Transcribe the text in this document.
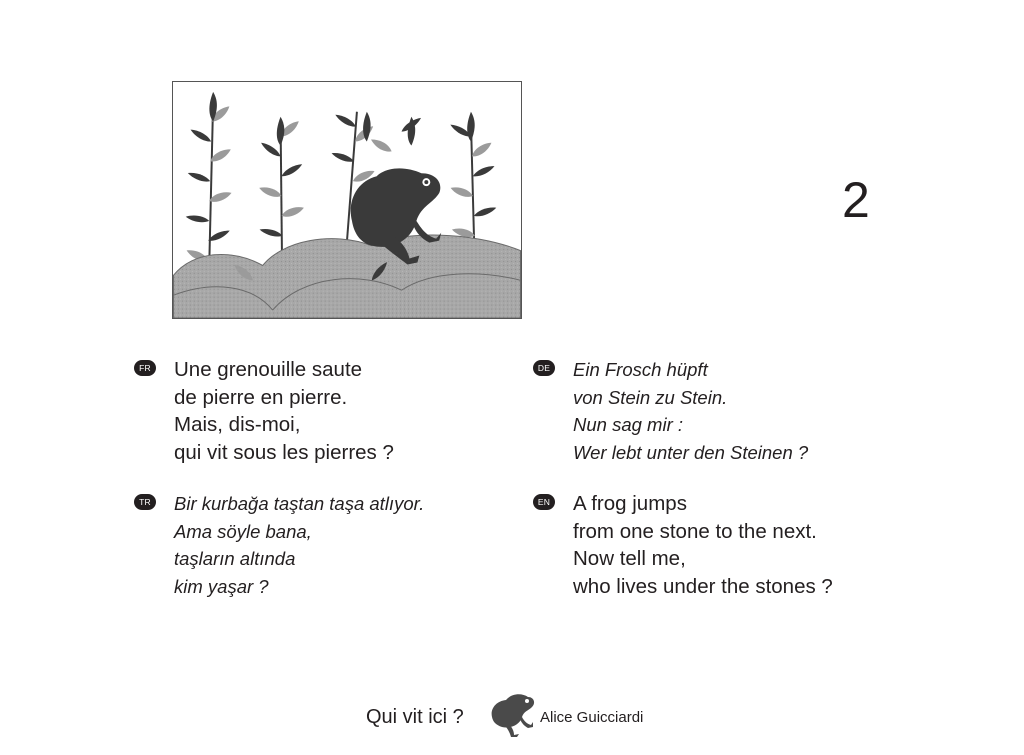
2
FR Une grenouille saute
de pierre en pierre.
Mais, dis-moi,
qui vit sous les pierres ?
DE Ein Frosch hüpft
von Stein zu Stein.
Nun sag mir :
Wer lebt unter den Steinen ?
TR Bir kurbağa taştan taşa atlıyor.
Ama söyle bana,
taşların altında
kim yaşar ?
EN A frog jumps
from one stone to the next.
Now tell me,
who lives under the stones ?
Qui vit ici ?	Alice Guicciardi
